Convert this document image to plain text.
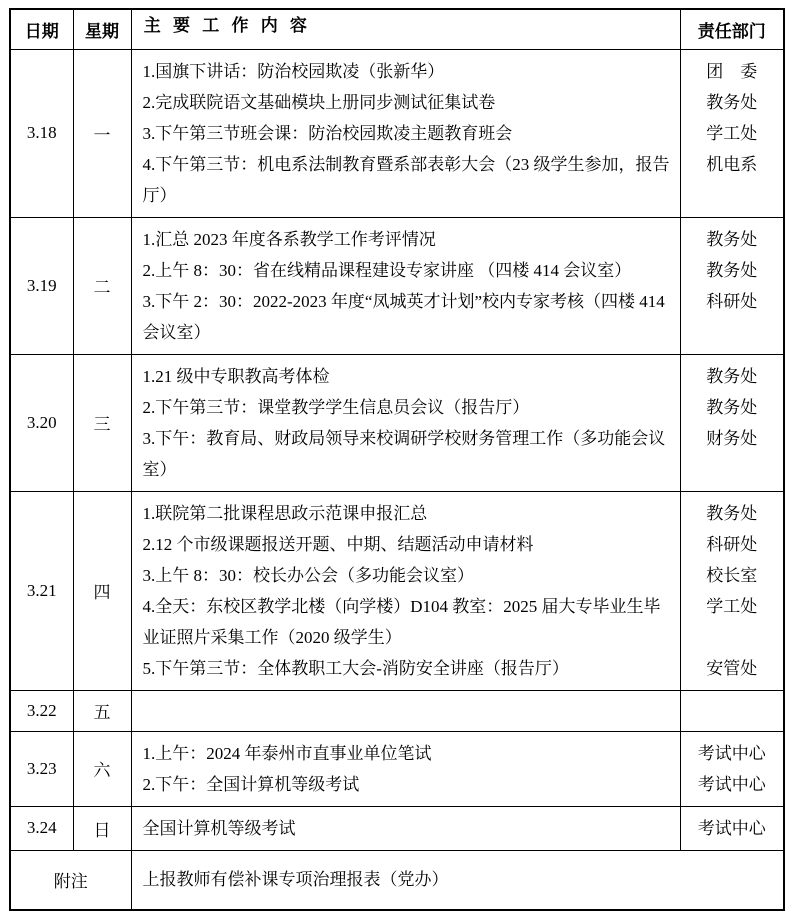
日期	星期	主要工作内容	责任部门
3.18	一	1.国旗下讲话：防治校园欺凌（张新华）	团　委
		2.完成联院语文基础模块上册同步测试征集试卷	教务处
		3.下午第三节班会课：防治校园欺凌主题教育班会	学工处
		4.下午第三节：机电系法制教育暨系部表彰大会（23 级学生参加，报告厅）	机电系
3.19	二	1.汇总 2023 年度各系教学工作考评情况	教务处
		2.上午 8：30：省在线精品课程建设专家讲座 （四楼 414 会议室）	教务处
		3.下午 2：30：2022-2023 年度“凤城英才计划”校内专家考核（四楼 414 会议室）	科研处
3.20	三	1.21 级中专职教高考体检	教务处
		2.下午第三节：课堂教学学生信息员会议（报告厅）	教务处
		3.下午：教育局、财政局领导来校调研学校财务管理工作（多功能会议室）	财务处
3.21	四	1.联院第二批课程思政示范课申报汇总	教务处
		2.12 个市级课题报送开题、中期、结题活动申请材料	科研处
		3.上午 8：30：校长办公会（多功能会议室）	校长室
		4.全天：东校区教学北楼（向学楼）D104 教室：2025 届大专毕业生毕业证照片采集工作（2020 级学生）	学工处
		5.下午第三节：全体教职工大会-消防安全讲座（报告厅）	安管处
3.22	五		
3.23	六	1.上午：2024 年泰州市直事业单位笔试	考试中心
		2.下午：全国计算机等级考试	考试中心
3.24	日	全国计算机等级考试	考试中心
附注		上报教师有偿补课专项治理报表（党办）	
